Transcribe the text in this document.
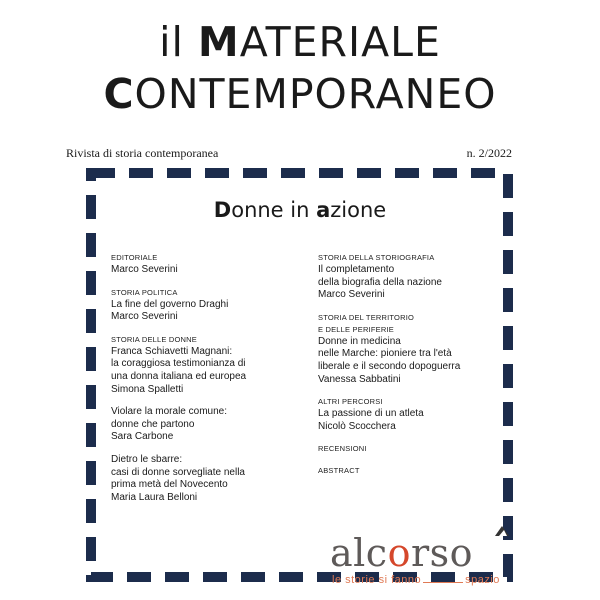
il MATERIALE
CONTEMPORANEO
Rivista di storia contemporanea	n. 2/2022
Donne in azione
EDITORIALE
Marco Severini
STORIA POLITICA
La fine del governo Draghi
Marco Severini
STORIA DELLE DONNE
Franca Schiavetti Magnani:
la coraggiosa testimonianza di
una donna italiana ed europea
Simona Spalletti
Violare la morale comune:
donne che partono
Sara Carbone
Dietro le sbarre:
casi di donne sorvegliate nella
prima metà del Novecento
Maria Laura Belloni
STORIA DELLA STORIOGRAFIA
Il completamento
della biografia della nazione
Marco Severini
STORIA DEL TERRITORIO
E DELLE PERIFERIE
Donne in medicina
nelle Marche: pioniere tra l'età
liberale e il secondo dopoguerra
Vanessa Sabbatini
ALTRI PERCORSI
La passione di un atleta
Nicolò Scocchera
RECENSIONI
ABSTRACT
alcorso
le storie si fanno	spazio
